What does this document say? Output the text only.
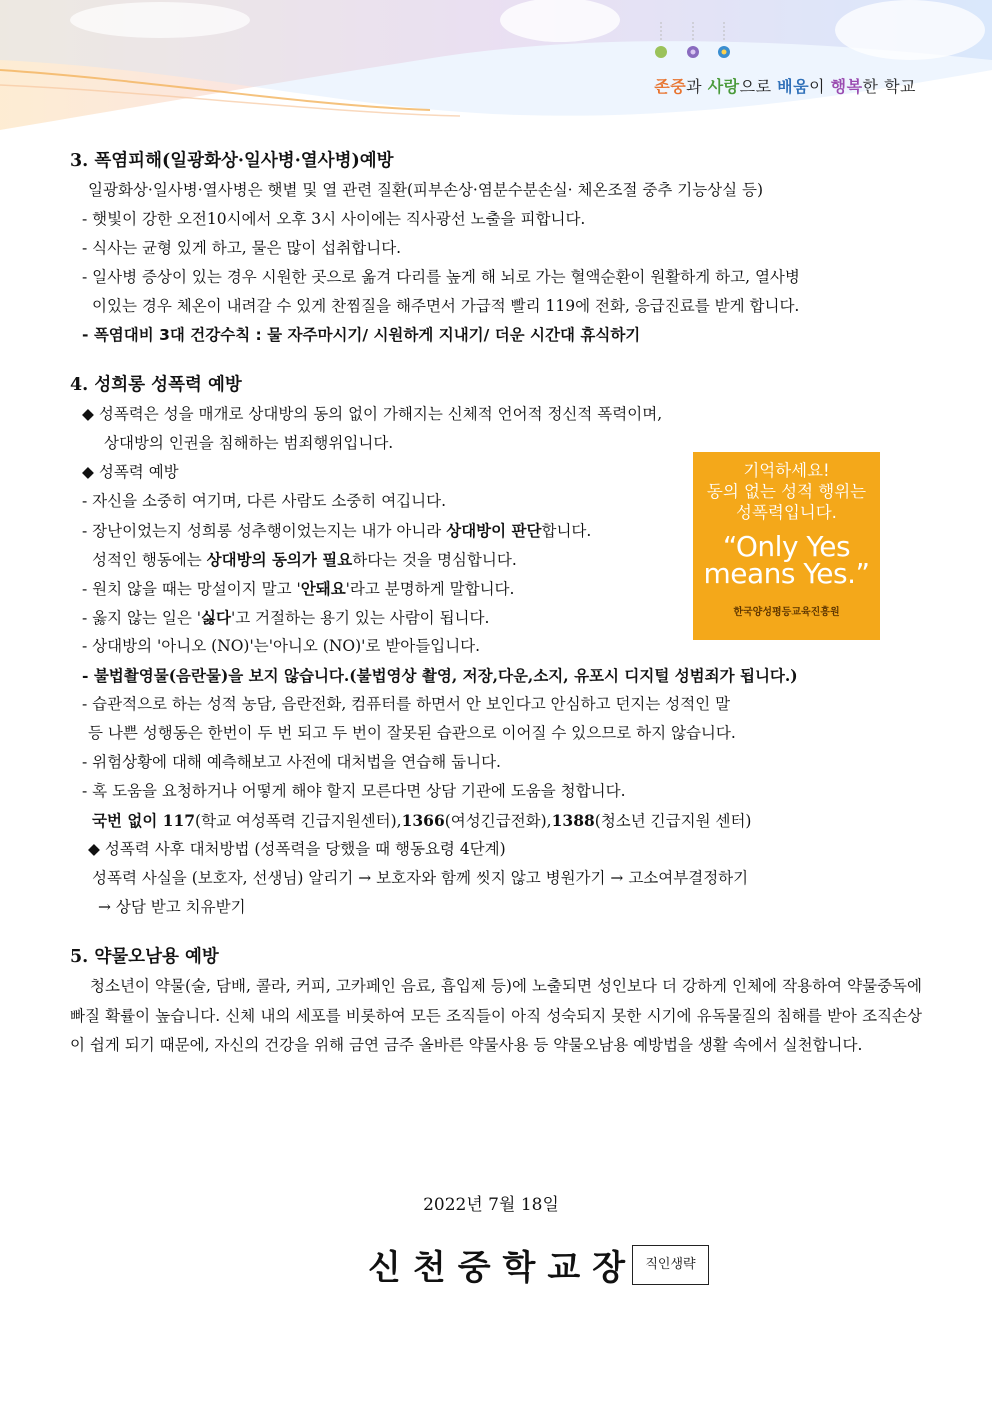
존중과 사랑으로 배움이 행복한 학교
3. 폭염피해(일광화상·일사병·열사병)예방
일광화상·일사병·열사병은 햇볕 및 열 관련 질환(피부손상·염분수분손실· 체온조절 중추 기능상실 등)
- 햇빛이 강한 오전10시에서 오후 3시 사이에는 직사광선 노출을 피합니다.
- 식사는 균형 있게 하고, 물은 많이 섭취합니다.
- 일사병 증상이 있는 경우 시원한 곳으로 옮겨 다리를 높게 해 뇌로 가는 혈액순환이 원활하게 하고, 열사병
이있는 경우 체온이 내려갈 수 있게 찬찜질을 해주면서 가급적 빨리 119에 전화, 응급진료를 받게 합니다.
- 폭염대비 3대 건강수칙 : 물 자주마시기/ 시원하게 지내기/ 더운 시간대 휴식하기
4. 성희롱 성폭력 예방
◆ 성폭력은 성을 매개로 상대방의 동의 없이 가해지는 신체적 언어적 정신적 폭력이며,
상대방의 인권을 침해하는 범죄행위입니다.
◆ 성폭력 예방
- 자신을 소중히 여기며, 다른 사람도 소중히 여깁니다.
- 장난이었는지 성희롱 성추행이었는지는 내가 아니라 상대방이 판단합니다.
성적인 행동에는 상대방의 동의가 필요하다는 것을 명심합니다.
- 원치 않을 때는 망설이지 말고 '안돼요'라고 분명하게 말합니다.
- 옳지 않는 일은 '싫다'고 거절하는 용기 있는 사람이 됩니다.
- 상대방의 '아니오 (NO)'는'아니오 (NO)'로 받아들입니다.
- 불법촬영물(음란물)을 보지 않습니다.(불법영상 촬영, 저장,다운,소지, 유포시 디지털 성범죄가 됩니다.)
- 습관적으로 하는 성적 농담, 음란전화, 컴퓨터를 하면서 안 보인다고 안심하고 던지는 성적인 말
등 나쁜 성행동은 한번이 두 번 되고 두 번이 잘못된 습관으로 이어질 수 있으므로 하지 않습니다.
- 위험상황에 대해 예측해보고 사전에 대처법을 연습해 둡니다.
- 혹 도움을 요청하거나 어떻게 해야 할지 모른다면 상담 기관에 도움을 청합니다.
국번 없이 117(학교 여성폭력 긴급지원센터),1366(여성긴급전화),1388(청소년 긴급지원 센터)
◆ 성폭력 사후 대처방법 (성폭력을 당했을 때 행동요령 4단계)
성폭력 사실을 (보호자, 선생님) 알리기 → 보호자와 함께 씻지 않고 병원가기 → 고소여부결정하기
→ 상담 받고 치유받기
5. 약물오남용 예방
청소년이 약물(술, 담배, 콜라, 커피, 고카페인 음료, 흡입제 등)에 노출되면 성인보다 더 강하게 인체에 작용하여 약물중독에 빠질 확률이 높습니다. 신체 내의 세포를 비롯하여 모든 조직들이 아직 성숙되지 못한 시기에 유독물질의 침해를 받아 조직손상이 쉽게 되기 때문에, 자신의 건강을 위해 금연 금주 올바른 약물사용 등 약물오남용 예방법을 생활 속에서 실천합니다.
기억하세요!
동의 없는 성적 행위는
성폭력입니다.
“Only Yes
means Yes.”
한국양성평등교육진흥원
2022년 7월 18일
신천중학교장 직인생략
